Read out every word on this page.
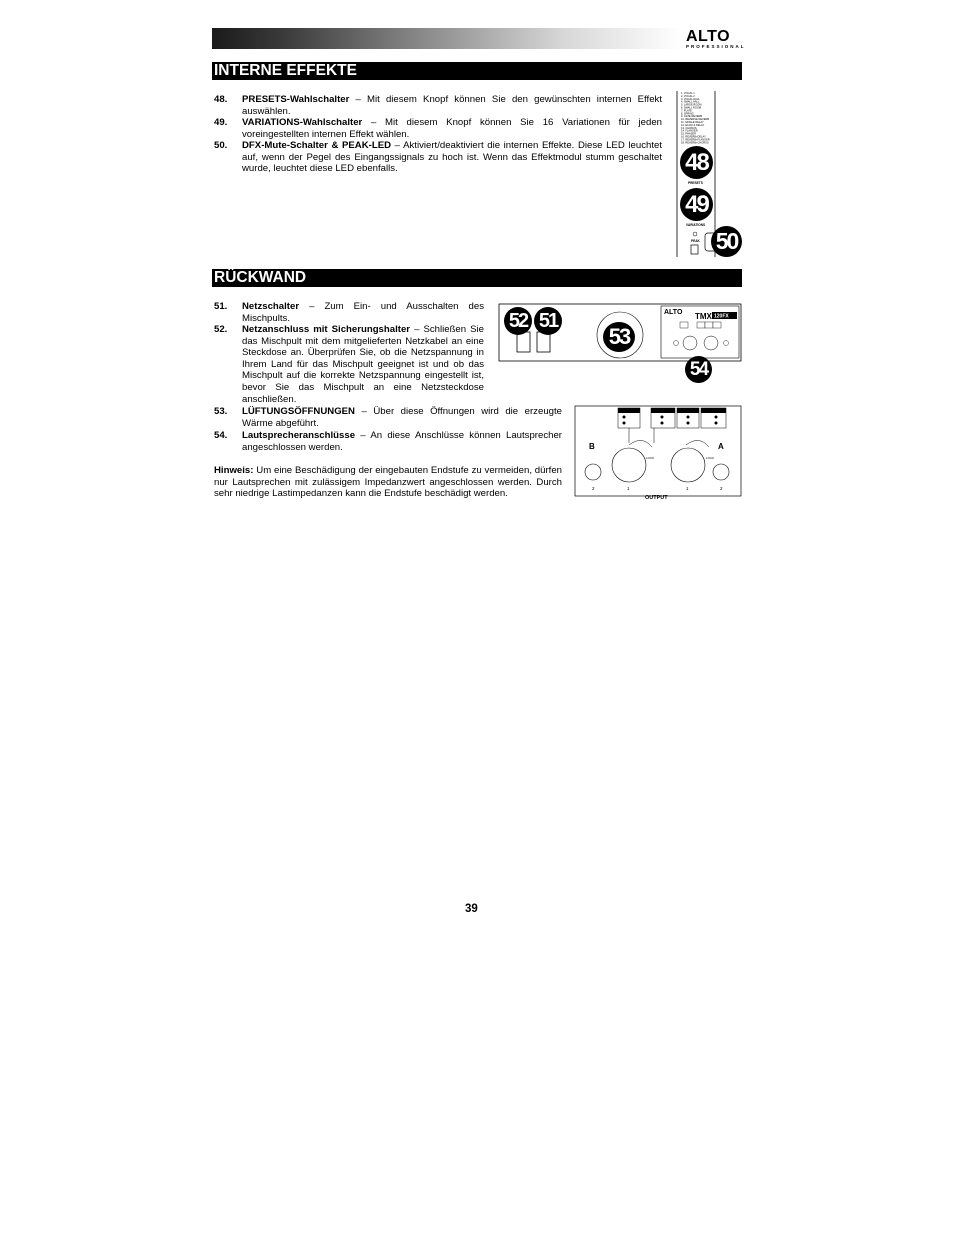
ALTO
PROFESSIONAL
INTERNE EFFEKTE
48. PRESETS-Wahlschalter – Mit diesem Knopf können Sie den gewünschten internen Effekt auswählen.
49. VARIATIONS-Wahlschalter – Mit diesem Knopf können Sie 16 Variationen für jeden voreingestellten internen Effekt wählen.
50. DFX-Mute-Schalter & PEAK-LED – Aktiviert/deaktiviert die internen Effekte. Diese LED leuchtet auf, wenn der Pegel des Eingangssignals zu hoch ist. Wenn das Effektmodul stumm geschaltet wurde, leuchtet diese LED ebenfalls.
1. VOCAL 1
2. VOCAL 2
3. VOCAL HALL
4. SMALL HALL
5. LARGE ROOM
6. SMALL ROOM
7. PLATE
8. SPRING
9. GATE REVERB
10. REVERSE REVERB
11. SINGLE DELAY
12. ECHO & DELAY
13. CHORUS
14. FLANGER
15. PHASER
16. REVERB+DELAY
17. REVERB+FLANGER
18. REVERB+CHORUS
PRESETS
VARIATIONS
PEAK
48
49
50
RÜCKWAND
51. Netzschalter – Zum Ein- und Ausschalten des Mischpults.
52. Netzanschluss mit Sicherungshalter – Schließen Sie das Mischpult mit dem mitgelieferten Netzkabel an eine Steckdose an. Überprüfen Sie, ob die Netzspannung in Ihrem Land für das Mischpult geeignet ist und ob das Mischpult auf die korrekte Netzspannung eingestellt ist, bevor Sie das Mischpult an eine Netzsteckdose anschließen.
53. LÜFTUNGSÖFFNUNGEN – Über diese Öffnungen wird die erzeugte Wärme abgeführt.
54. Lautsprecheranschlüsse – An diese Anschlüsse können Lautsprecher angeschlossen werden.
Hinweis: Um eine Beschädigung der eingebauten Endstufe zu vermeiden, dürfen nur Lautsprechen mit zulässigem Impedanzwert angeschlossen werden. Durch sehr niedrige Lastimpedanzen kann die Endstufe beschädigt werden.
ALTO TMX 120FX
52 51
53
54
LOCK	LOCK
B	A
2	1	1	2
OUTPUT
39
